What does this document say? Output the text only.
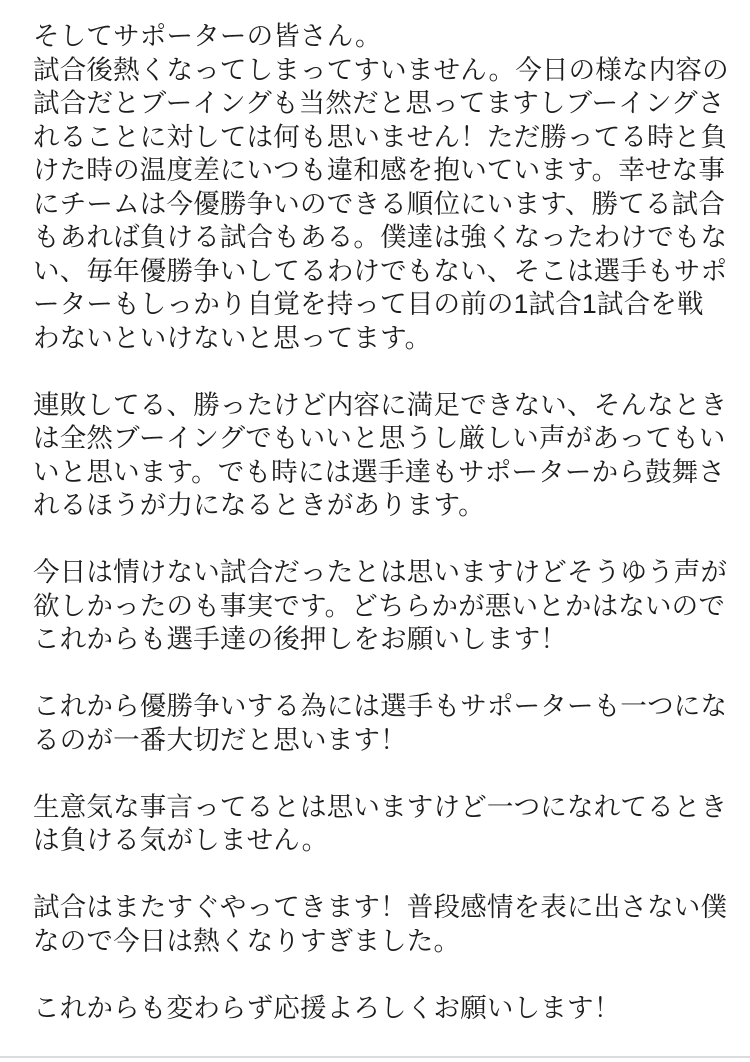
そしてサポーターの皆さん。
試合後熱くなってしまってすいません。今日の様な内容の
試合だとブーイングも当然だと思ってますしブーイングさ
れることに対しては何も思いません！ただ勝ってる時と負
けた時の温度差にいつも違和感を抱いています。幸せな事
にチームは今優勝争いのできる順位にいます、勝てる試合
もあれば負ける試合もある。僕達は強くなったわけでもな
い、毎年優勝争いしてるわけでもない、そこは選手もサポ
ーターもしっかり自覚を持って目の前の1試合1試合を戦
わないといけないと思ってます。
連敗してる、勝ったけど内容に満足できない、そんなとき
は全然ブーイングでもいいと思うし厳しい声があってもい
いと思います。でも時には選手達もサポーターから鼓舞さ
れるほうが力になるときがあります。
今日は情けない試合だったとは思いますけどそうゆう声が
欲しかったのも事実です。どちらかが悪いとかはないので
これからも選手達の後押しをお願いします！
これから優勝争いする為には選手もサポーターも一つにな
るのが一番大切だと思います！
生意気な事言ってるとは思いますけど一つになれてるとき
は負ける気がしません。
試合はまたすぐやってきます！普段感情を表に出さない僕
なので今日は熱くなりすぎました。
これからも変わらず応援よろしくお願いします！
